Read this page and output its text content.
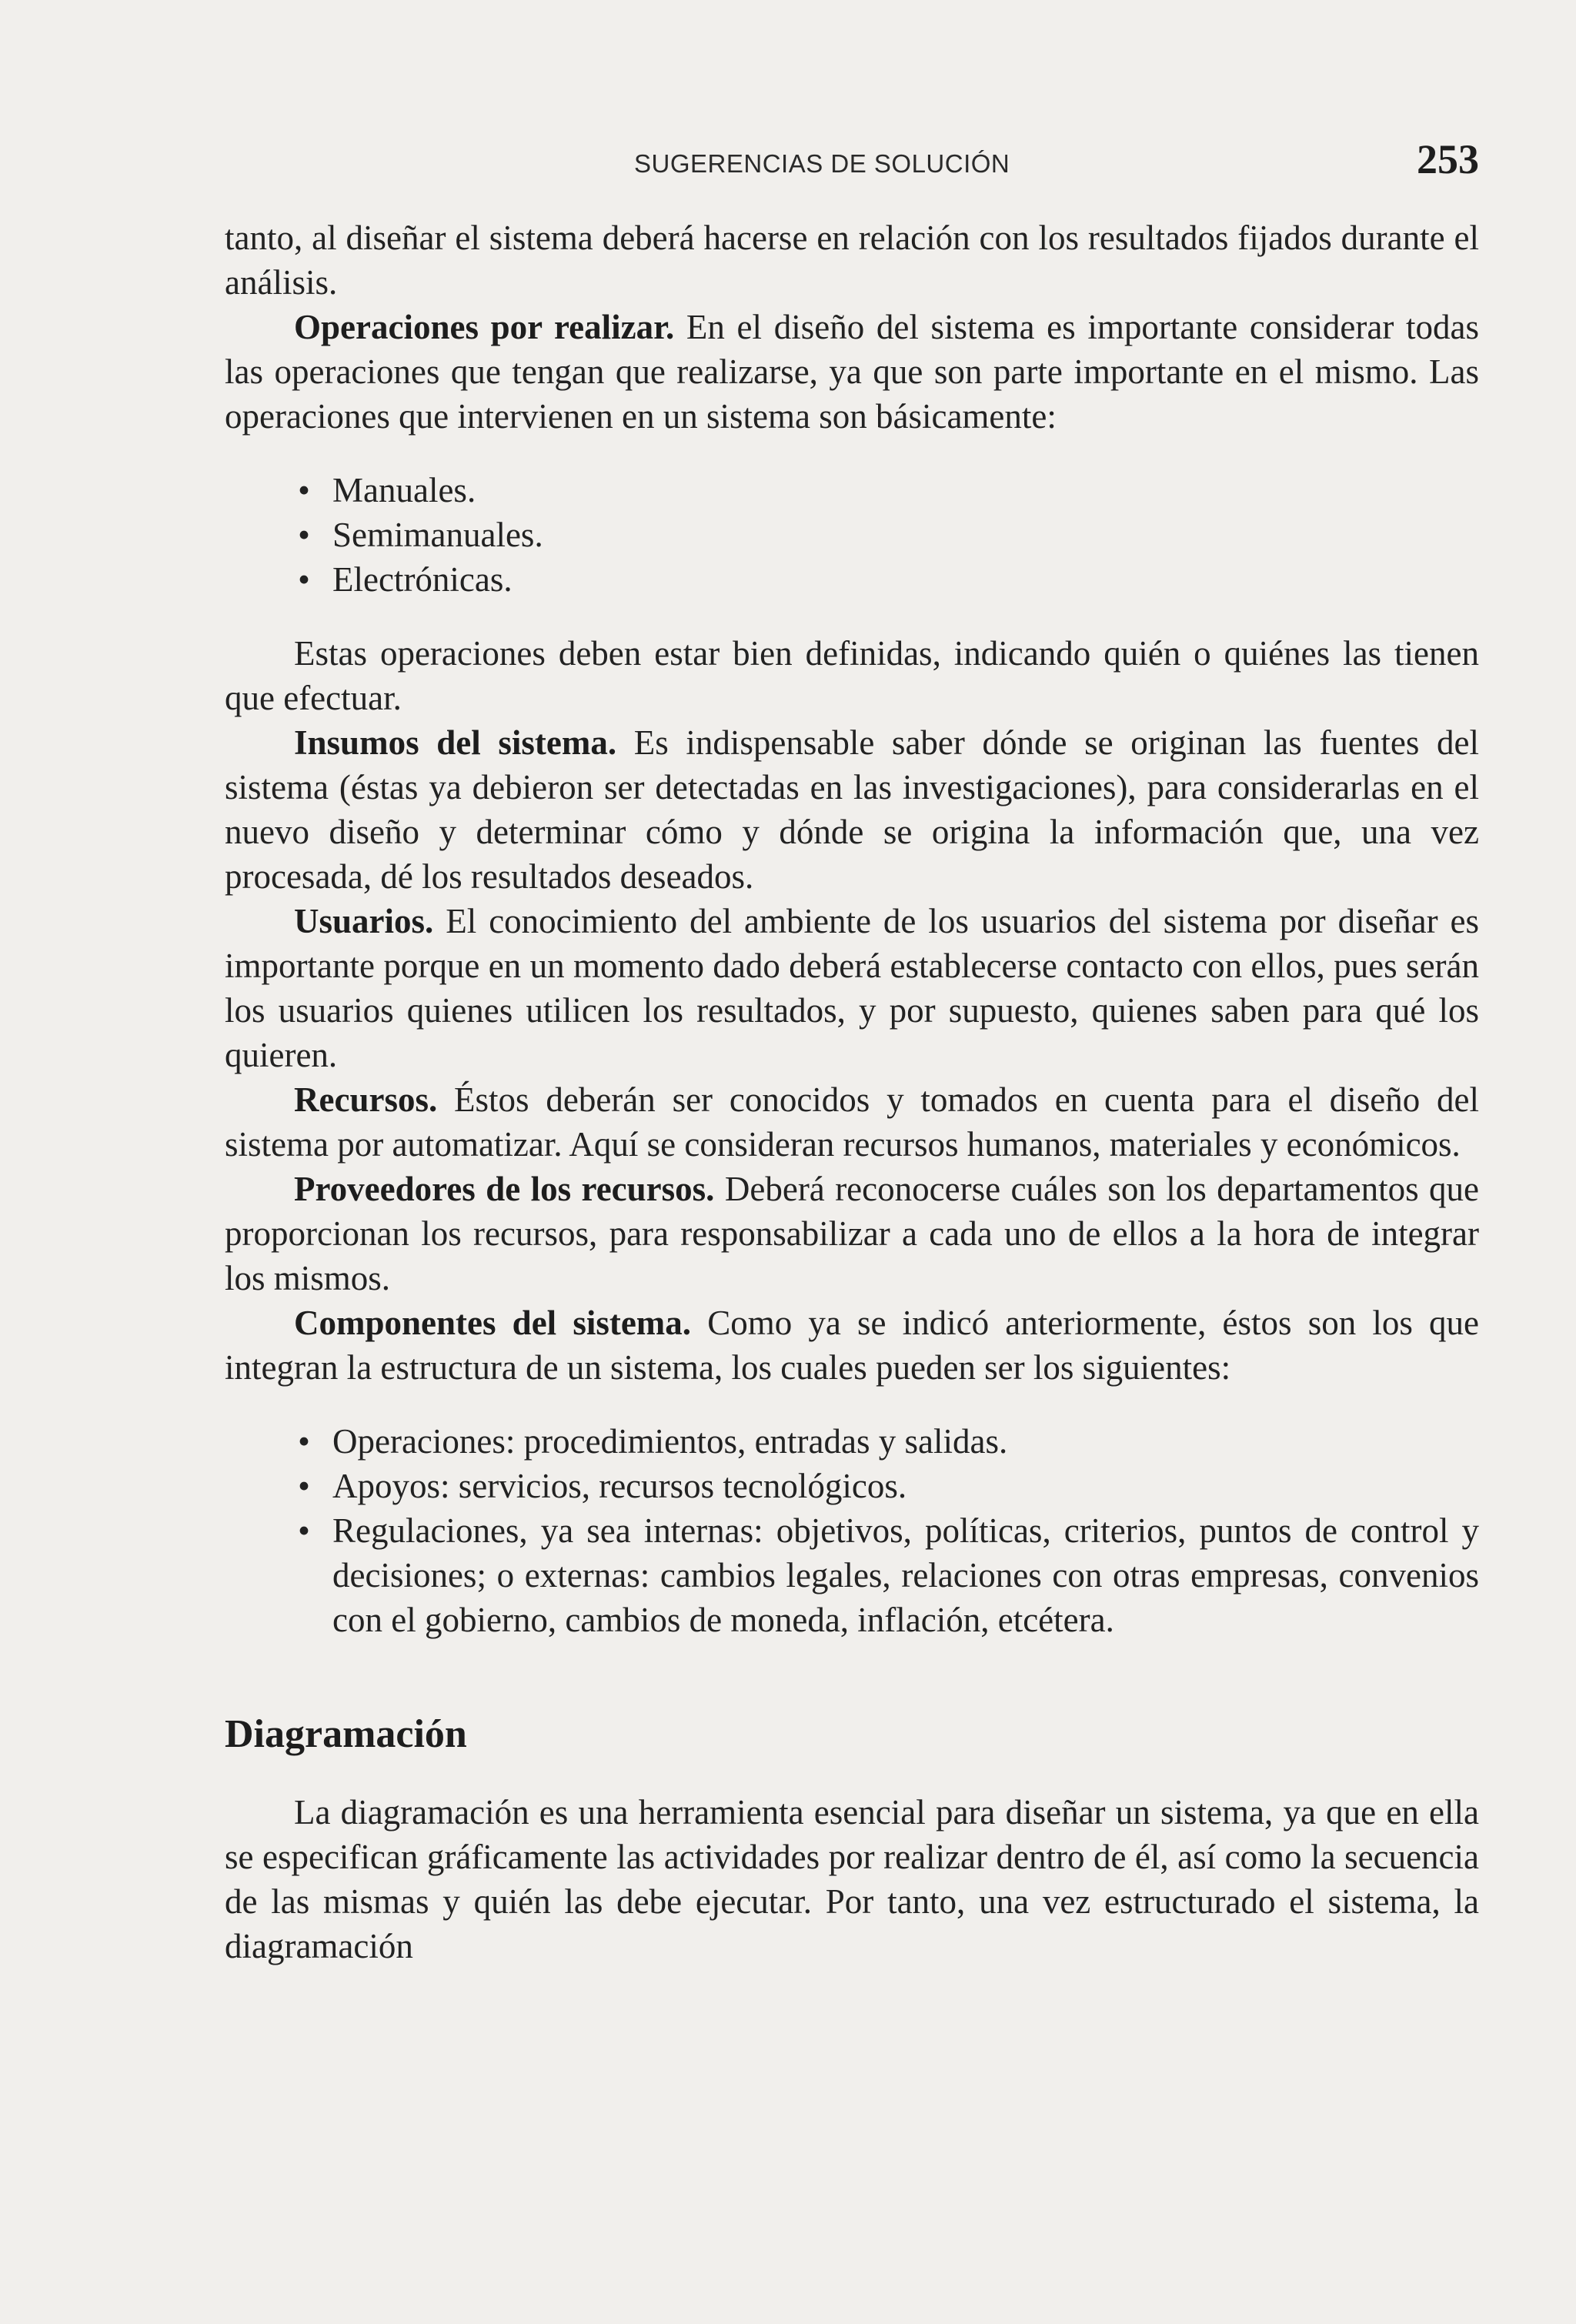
SUGERENCIAS DE SOLUCIÓN	253

tanto, al diseñar el sistema deberá hacerse en relación con los resultados fijados durante el análisis.

Operaciones por realizar. En el diseño del sistema es importante considerar todas las operaciones que tengan que realizarse, ya que son parte importante en el mismo. Las operaciones que intervienen en un sistema son básicamente:

• Manuales.
• Semimanuales.
• Electrónicas.

Estas operaciones deben estar bien definidas, indicando quién o quiénes las tienen que efectuar.

Insumos del sistema. Es indispensable saber dónde se originan las fuentes del sistema (éstas ya debieron ser detectadas en las investigaciones), para considerarlas en el nuevo diseño y determinar cómo y dónde se origina la información que, una vez procesada, dé los resultados deseados.

Usuarios. El conocimiento del ambiente de los usuarios del sistema por diseñar es importante porque en un momento dado deberá establecerse contacto con ellos, pues serán los usuarios quienes utilicen los resultados, y por supuesto, quienes saben para qué los quieren.

Recursos. Éstos deberán ser conocidos y tomados en cuenta para el diseño del sistema por automatizar. Aquí se consideran recursos humanos, materiales y económicos.

Proveedores de los recursos. Deberá reconocerse cuáles son los departamentos que proporcionan los recursos, para responsabilizar a cada uno de ellos a la hora de integrar los mismos.

Componentes del sistema. Como ya se indicó anteriormente, éstos son los que integran la estructura de un sistema, los cuales pueden ser los siguientes:

• Operaciones: procedimientos, entradas y salidas.
• Apoyos: servicios, recursos tecnológicos.
• Regulaciones, ya sea internas: objetivos, políticas, criterios, puntos de control y decisiones; o externas: cambios legales, relaciones con otras empresas, convenios con el gobierno, cambios de moneda, inflación, etcétera.

Diagramación

La diagramación es una herramienta esencial para diseñar un sistema, ya que en ella se especifican gráficamente las actividades por realizar dentro de él, así como la secuencia de las mismas y quién las debe ejecutar. Por tanto, una vez estructurado el sistema, la diagramación
